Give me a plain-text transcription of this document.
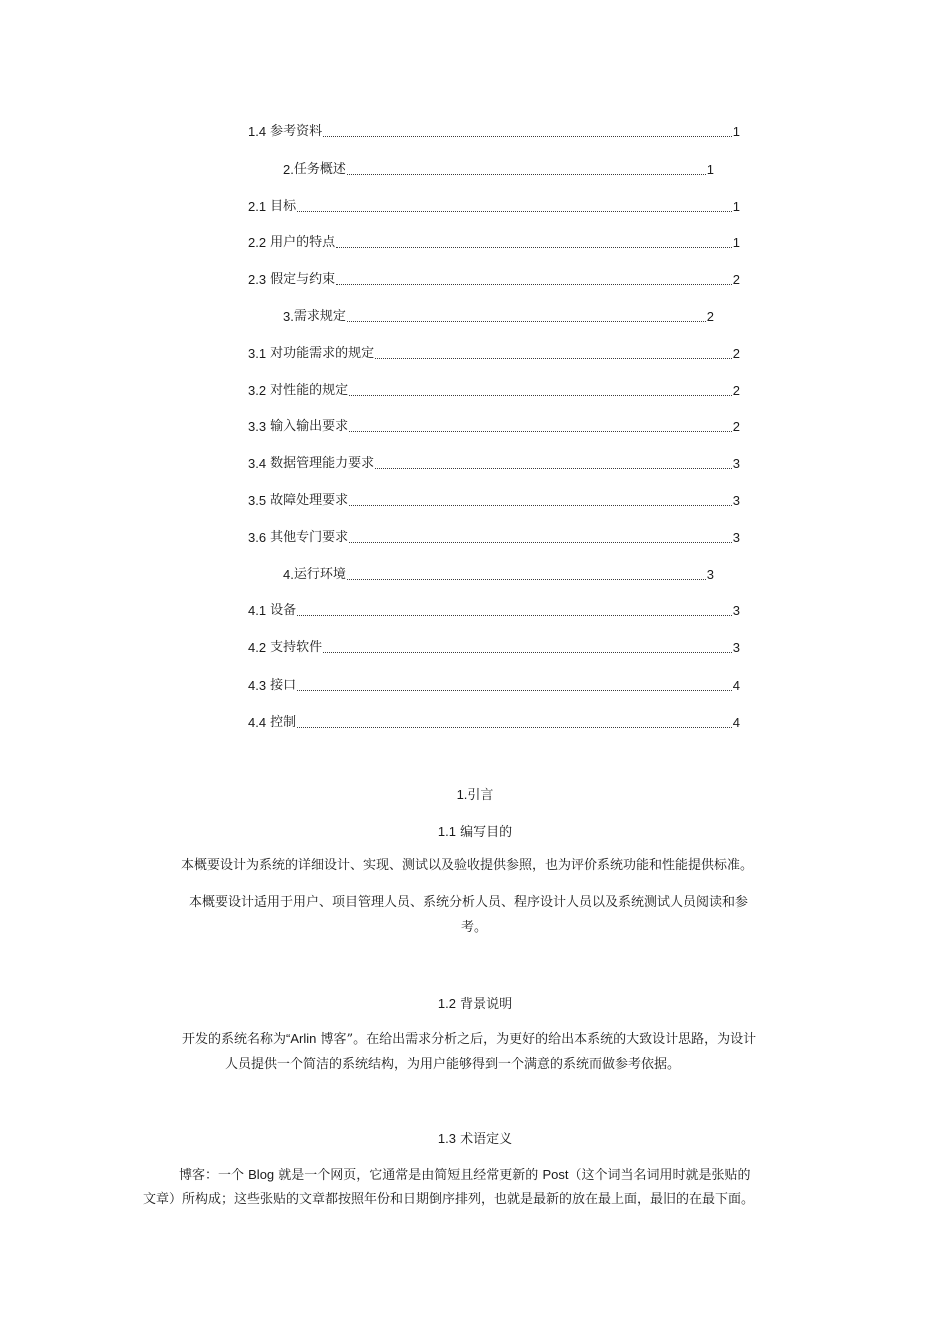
1.4 参考资料	1
2. 任务概述	1
2.1 目标	1
2.2 用户的特点	1
2.3 假定与约束	2
3. 需求规定	2
3.1 对功能需求的规定	2
3.2 对性能的规定	2
3.3 输入输出要求	2
3.4 数据管理能力要求	3
3.5 故障处理要求	3
3.6 其他专门要求	3
4. 运行环境	3
4.1 设备	3
4.2 支持软件	3
4.3 接口	4
4.4 控制	4
1.引言
1.1 编写目的
本概要设计为系统的详细设计、实现、测试以及验收提供参照，也为评价系统功能和性能提供标准。
本概要设计适用于用户、项目管理人员、系统分析人员、程序设计人员以及系统测试人员阅读和参
考。
1.2 背景说明
开发的系统名称为“Arlin 博客”。在给出需求分析之后，为更好的给出本系统的大致设计思路，为设计
人员提供一个简洁的系统结构，为用户能够得到一个满意的系统而做参考依据。
1.3 术语定义
博客：一个 Blog 就是一个网页，它通常是由简短且经常更新的 Post（这个词当名词用时就是张贴的
文章）所构成；这些张贴的文章都按照年份和日期倒序排列，也就是最新的放在最上面，最旧的在最下面。
